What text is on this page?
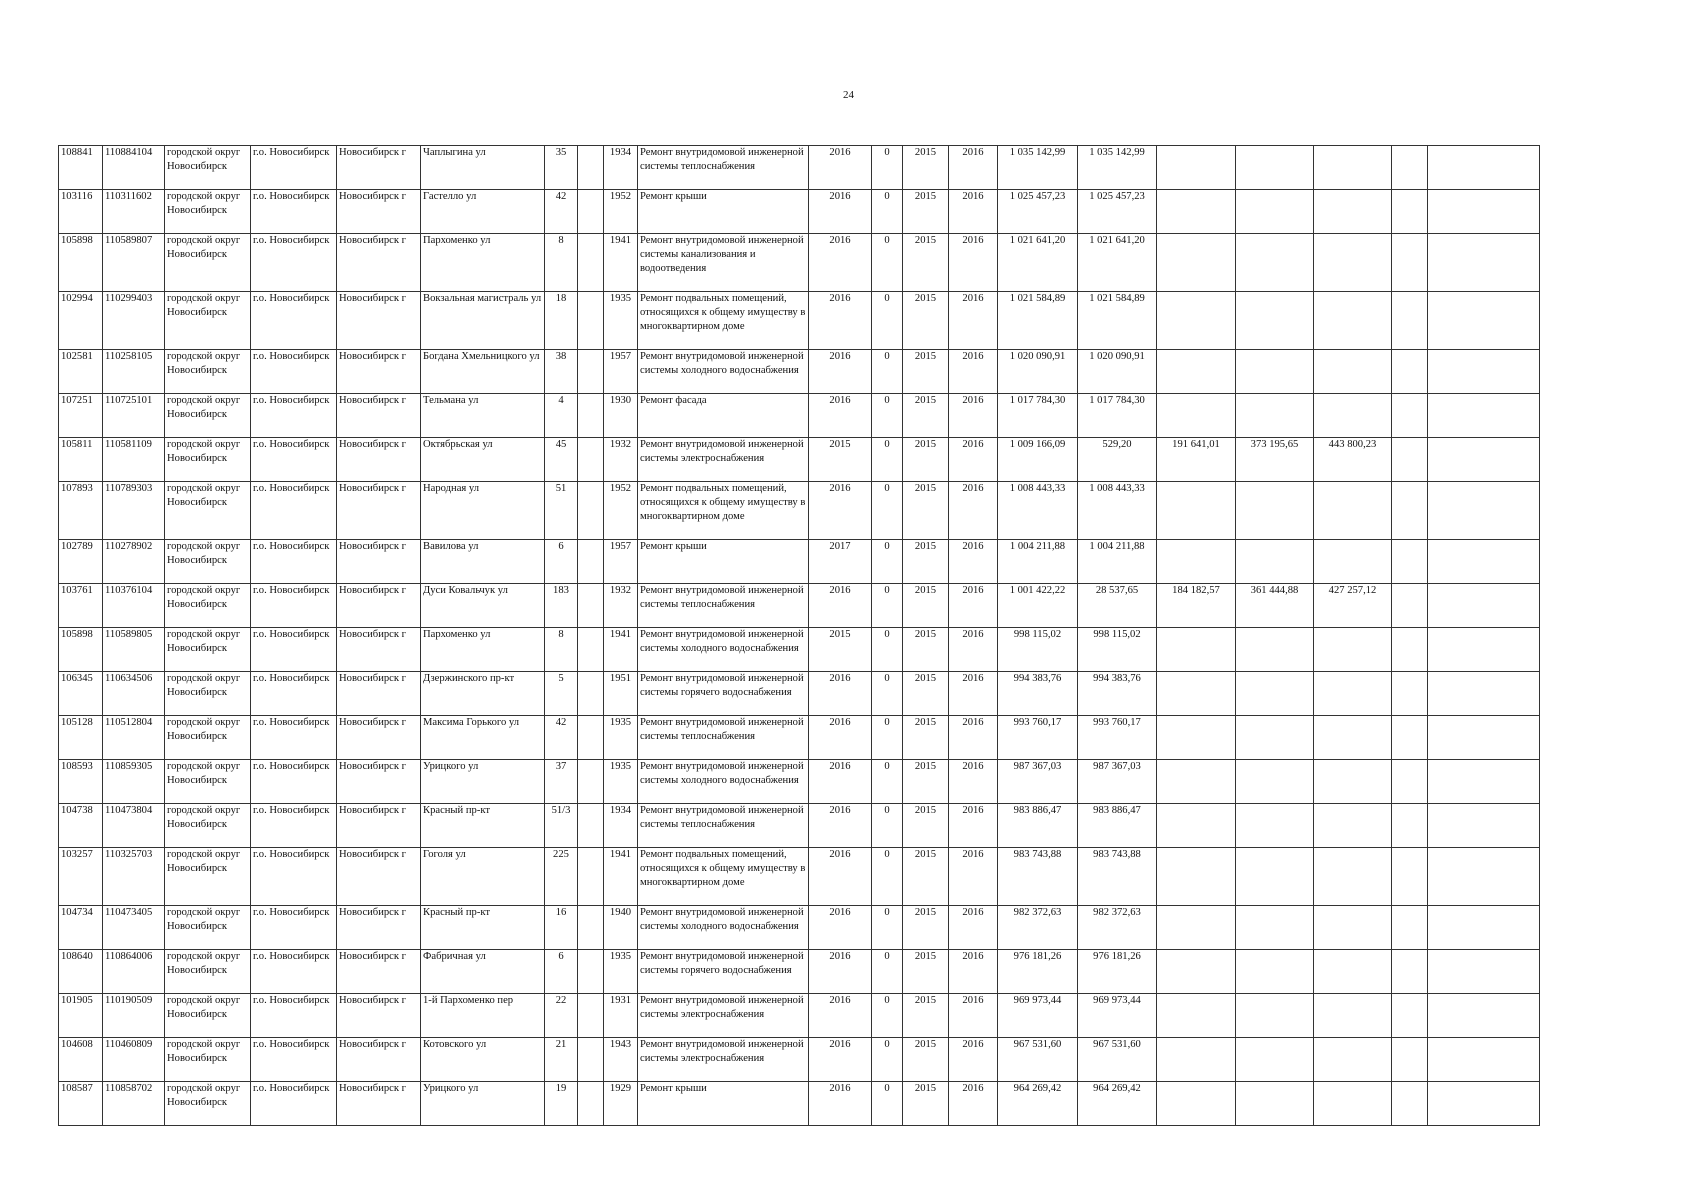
24
108841	110884104	городской округ Новосибирск	г.о. Новосибирск	Новосибирск г	Чаплыгина ул	35		1934	Ремонт внутридомовой инженерной системы теплоснабжения	2016	0	2015	2016	1 035 142,99	1 035 142,99					
103116	110311602	городской округ Новосибирск	г.о. Новосибирск	Новосибирск г	Гастелло ул	42		1952	Ремонт крыши	2016	0	2015	2016	1 025 457,23	1 025 457,23					
105898	110589807	городской округ Новосибирск	г.о. Новосибирск	Новосибирск г	Пархоменко ул	8		1941	Ремонт внутридомовой инженерной системы канализования и водоотведения	2016	0	2015	2016	1 021 641,20	1 021 641,20					
102994	110299403	городской округ Новосибирск	г.о. Новосибирск	Новосибирск г	Вокзальная магистраль ул	18		1935	Ремонт подвальных помещений, относящихся к общему имуществу в многоквартирном доме	2016	0	2015	2016	1 021 584,89	1 021 584,89					
102581	110258105	городской округ Новосибирск	г.о. Новосибирск	Новосибирск г	Богдана Хмельницкого ул	38		1957	Ремонт внутридомовой инженерной системы холодного водоснабжения	2016	0	2015	2016	1 020 090,91	1 020 090,91					
107251	110725101	городской округ Новосибирск	г.о. Новосибирск	Новосибирск г	Тельмана ул	4		1930	Ремонт фасада	2016	0	2015	2016	1 017 784,30	1 017 784,30					
105811	110581109	городской округ Новосибирск	г.о. Новосибирск	Новосибирск г	Октябрьская ул	45		1932	Ремонт внутридомовой инженерной системы электроснабжения	2015	0	2015	2016	1 009 166,09	529,20	191 641,01	373 195,65	443 800,23		
107893	110789303	городской округ Новосибирск	г.о. Новосибирск	Новосибирск г	Народная ул	51		1952	Ремонт подвальных помещений, относящихся к общему имуществу в многоквартирном доме	2016	0	2015	2016	1 008 443,33	1 008 443,33					
102789	110278902	городской округ Новосибирск	г.о. Новосибирск	Новосибирск г	Вавилова ул	6		1957	Ремонт крыши	2017	0	2015	2016	1 004 211,88	1 004 211,88					
103761	110376104	городской округ Новосибирск	г.о. Новосибирск	Новосибирск г	Дуси Ковальчук ул	183		1932	Ремонт внутридомовой инженерной системы теплоснабжения	2016	0	2015	2016	1 001 422,22	28 537,65	184 182,57	361 444,88	427 257,12		
105898	110589805	городской округ Новосибирск	г.о. Новосибирск	Новосибирск г	Пархоменко ул	8		1941	Ремонт внутридомовой инженерной системы холодного водоснабжения	2015	0	2015	2016	998 115,02	998 115,02					
106345	110634506	городской округ Новосибирск	г.о. Новосибирск	Новосибирск г	Дзержинского пр-кт	5		1951	Ремонт внутридомовой инженерной системы горячего водоснабжения	2016	0	2015	2016	994 383,76	994 383,76					
105128	110512804	городской округ Новосибирск	г.о. Новосибирск	Новосибирск г	Максима Горького ул	42		1935	Ремонт внутридомовой инженерной системы теплоснабжения	2016	0	2015	2016	993 760,17	993 760,17					
108593	110859305	городской округ Новосибирск	г.о. Новосибирск	Новосибирск г	Урицкого ул	37		1935	Ремонт внутридомовой инженерной системы холодного водоснабжения	2016	0	2015	2016	987 367,03	987 367,03					
104738	110473804	городской округ Новосибирск	г.о. Новосибирск	Новосибирск г	Красный пр-кт	51/3		1934	Ремонт внутридомовой инженерной системы теплоснабжения	2016	0	2015	2016	983 886,47	983 886,47					
103257	110325703	городской округ Новосибирск	г.о. Новосибирск	Новосибирск г	Гоголя ул	225		1941	Ремонт подвальных помещений, относящихся к общему имуществу в многоквартирном доме	2016	0	2015	2016	983 743,88	983 743,88					
104734	110473405	городской округ Новосибирск	г.о. Новосибирск	Новосибирск г	Красный пр-кт	16		1940	Ремонт внутридомовой инженерной системы холодного водоснабжения	2016	0	2015	2016	982 372,63	982 372,63					
108640	110864006	городской округ Новосибирск	г.о. Новосибирск	Новосибирск г	Фабричная ул	6		1935	Ремонт внутридомовой инженерной системы горячего водоснабжения	2016	0	2015	2016	976 181,26	976 181,26					
101905	110190509	городской округ Новосибирск	г.о. Новосибирск	Новосибирск г	1-й Пархоменко пер	22		1931	Ремонт внутридомовой инженерной системы электроснабжения	2016	0	2015	2016	969 973,44	969 973,44					
104608	110460809	городской округ Новосибирск	г.о. Новосибирск	Новосибирск г	Котовского ул	21		1943	Ремонт внутридомовой инженерной системы электроснабжения	2016	0	2015	2016	967 531,60	967 531,60					
108587	110858702	городской округ Новосибирск	г.о. Новосибирск	Новосибирск г	Урицкого ул	19		1929	Ремонт крыши	2016	0	2015	2016	964 269,42	964 269,42					
